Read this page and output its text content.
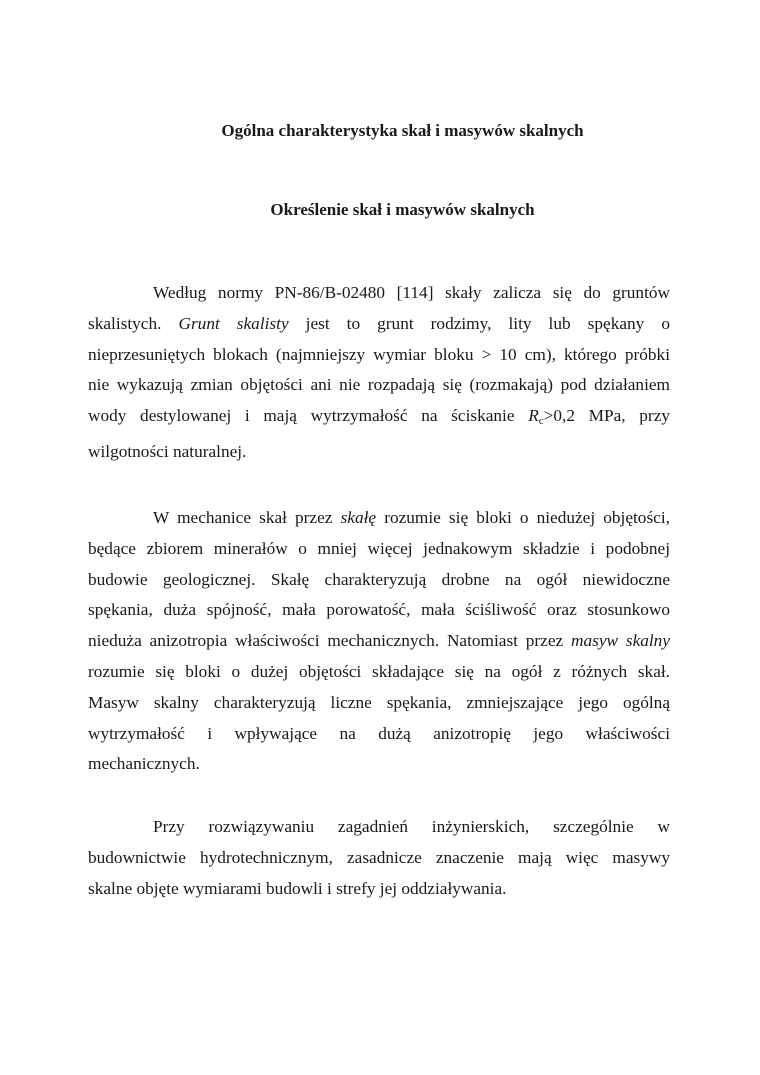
Ogólna charakterystyka skał i masywów skalnych
Określenie skał i masywów skalnych

Według normy PN-86/B-02480 [114] skały zalicza się do gruntów
skalistych. Grunt skalisty jest to grunt rodzimy, lity lub spękany o
nieprzesuniętych blokach (najmniejszy wymiar bloku > 10 cm), którego próbki
nie wykazują zmian objętości ani nie rozpadają się (rozmakają) pod działaniem
wody destylowanej i mają wytrzymałość na ściskanie $R_c>0,2$ MPa, przy
wilgotności naturalnej.

W mechanice skał przez skałę rozumie się bloki o niedużej objętości,
będące zbiorem minerałów o mniej więcej jednakowym składzie i podobnej
budowie geologicznej. Skałę charakteryzują drobne na ogół niewidoczne
spękania, duża spójność, mała porowatość, mała ściśliwość oraz stosunkowo
niedużа anizotropia właściwości mechanicznych. Natomiast przez masyw skalny
rozumie się bloki o dużej objętości składające się na ogół z różnych skał.
Masyw skalny charakteryzują liczne spękania, zmniejszające jego ogólną
wytrzymałość i wpływające na dużą anizotropię jego właściwości
mechanicznych.

Przy rozwiązywaniu zagadnień inżynierskich, szczególnie w
budownictwie hydrotechnicznym, zasadnicze znaczenie mają więc masywy
skalne objęte wymiarami budowli i strefy jej oddziaływania.
